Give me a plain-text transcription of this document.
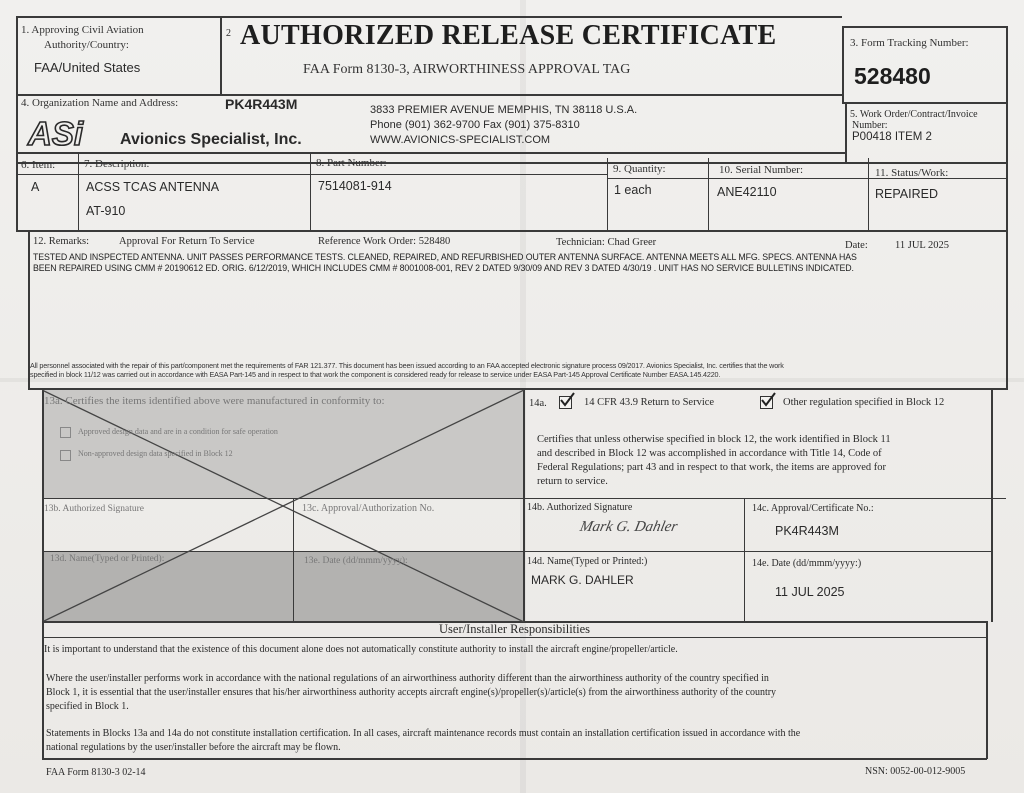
1. Approving Civil Aviation
Authority/Country:
FAA/United States
2 AUTHORIZED RELEASE CERTIFICATE
FAA Form 8130-3, AIRWORTHINESS APPROVAL TAG
3. Form Tracking Number:
528480
4. Organization Name and Address:	PK4R443M
ASi Avionics Specialist, Inc.
3833 PREMIER AVENUE MEMPHIS, TN 38118 U.S.A.
Phone (901) 362-9700 Fax (901) 375-8310
WWW.AVIONICS-SPECIALIST.COM
5. Work Order/Contract/Invoice
Number:
P00418 ITEM 2
6. Item:	7. Description:	8. Part Number:	9. Quantity:	10. Serial Number:	11. Status/Work:
A	ACSS TCAS ANTENNA
AT-910
7514081-914	1 each	ANE42110	REPAIRED
12. Remarks:	Approval For Return To Service	Reference Work Order: 528480	Technician: Chad Greer	Date:	11 JUL 2025
TESTED AND INSPECTED ANTENNA. UNIT PASSES PERFORMANCE TESTS. CLEANED, REPAIRED, AND REFURBISHED OUTER ANTENNA SURFACE. ANTENNA MEETS ALL MFG. SPECS. ANTENNA HAS
BEEN REPAIRED USING CMM # 20190612 ED. ORIG. 6/12/2019, WHICH INCLUDES CMM # 8001008-001, REV 2 DATED 9/30/09 AND REV 3 DATED 4/30/19 . UNIT HAS NO SERVICE BULLETINS INDICATED.
All personnel associated with the repair of this part/component met the requirements of FAR 121.377. This document has been issued according to an FAA accepted electronic signature process 09/2017. Avionics Specialist, Inc. certifies that the work
specified in block 11/12 was carried out in accordance with EASA Part-145 and in respect to that work the component is considered ready for release to service under EASA Part-145 Approval Certificate Number EASA.145.4220.
13a. Certifies the items identified above were manufactured in conformity to:
Approved design data and are in a condition for safe operation
Non-approved design data specified in Block 12
13b. Authorized Signature	13c. Approval/Authorization No.
13d. Name(Typed or Printed):	13e. Date (dd/mmm/yyyy):
14a.	14 CFR 43.9 Return to Service	Other regulation specified in Block 12
Certifies that unless otherwise specified in block 12, the work identified in Block 11
and described in Block 12 was accomplished in accordance with Title 14, Code of
Federal Regulations; part 43 and in respect to that work, the items are approved for
return to service.
14b. Authorized Signature
Mark G. Dahler
14c. Approval/Certificate No.:
PK4R443M
14d. Name(Typed or Printed:)
MARK G. DAHLER
14e. Date (dd/mmm/yyyy:)
11 JUL 2025
User/Installer Responsibilities
It is important to understand that the existence of this document alone does not automatically constitute authority to install the aircraft engine/propeller/article.
Where the user/installer performs work in accordance with the national regulations of an airworthiness authority different than the airworthiness authority of the country specified in
Block 1, it is essential that the user/installer ensures that his/her airworthiness authority accepts aircraft engine(s)/propeller(s)/article(s) from the airworthiness authority of the country
specified in Block 1.
Statements in Blocks 13a and 14a do not constitute installation certification. In all cases, aircraft maintenance records must contain an installation certification issued in accordance with the
national regulations by the user/installer before the aircraft may be flown.
FAA Form 8130-3 02-14	NSN: 0052-00-012-9005
